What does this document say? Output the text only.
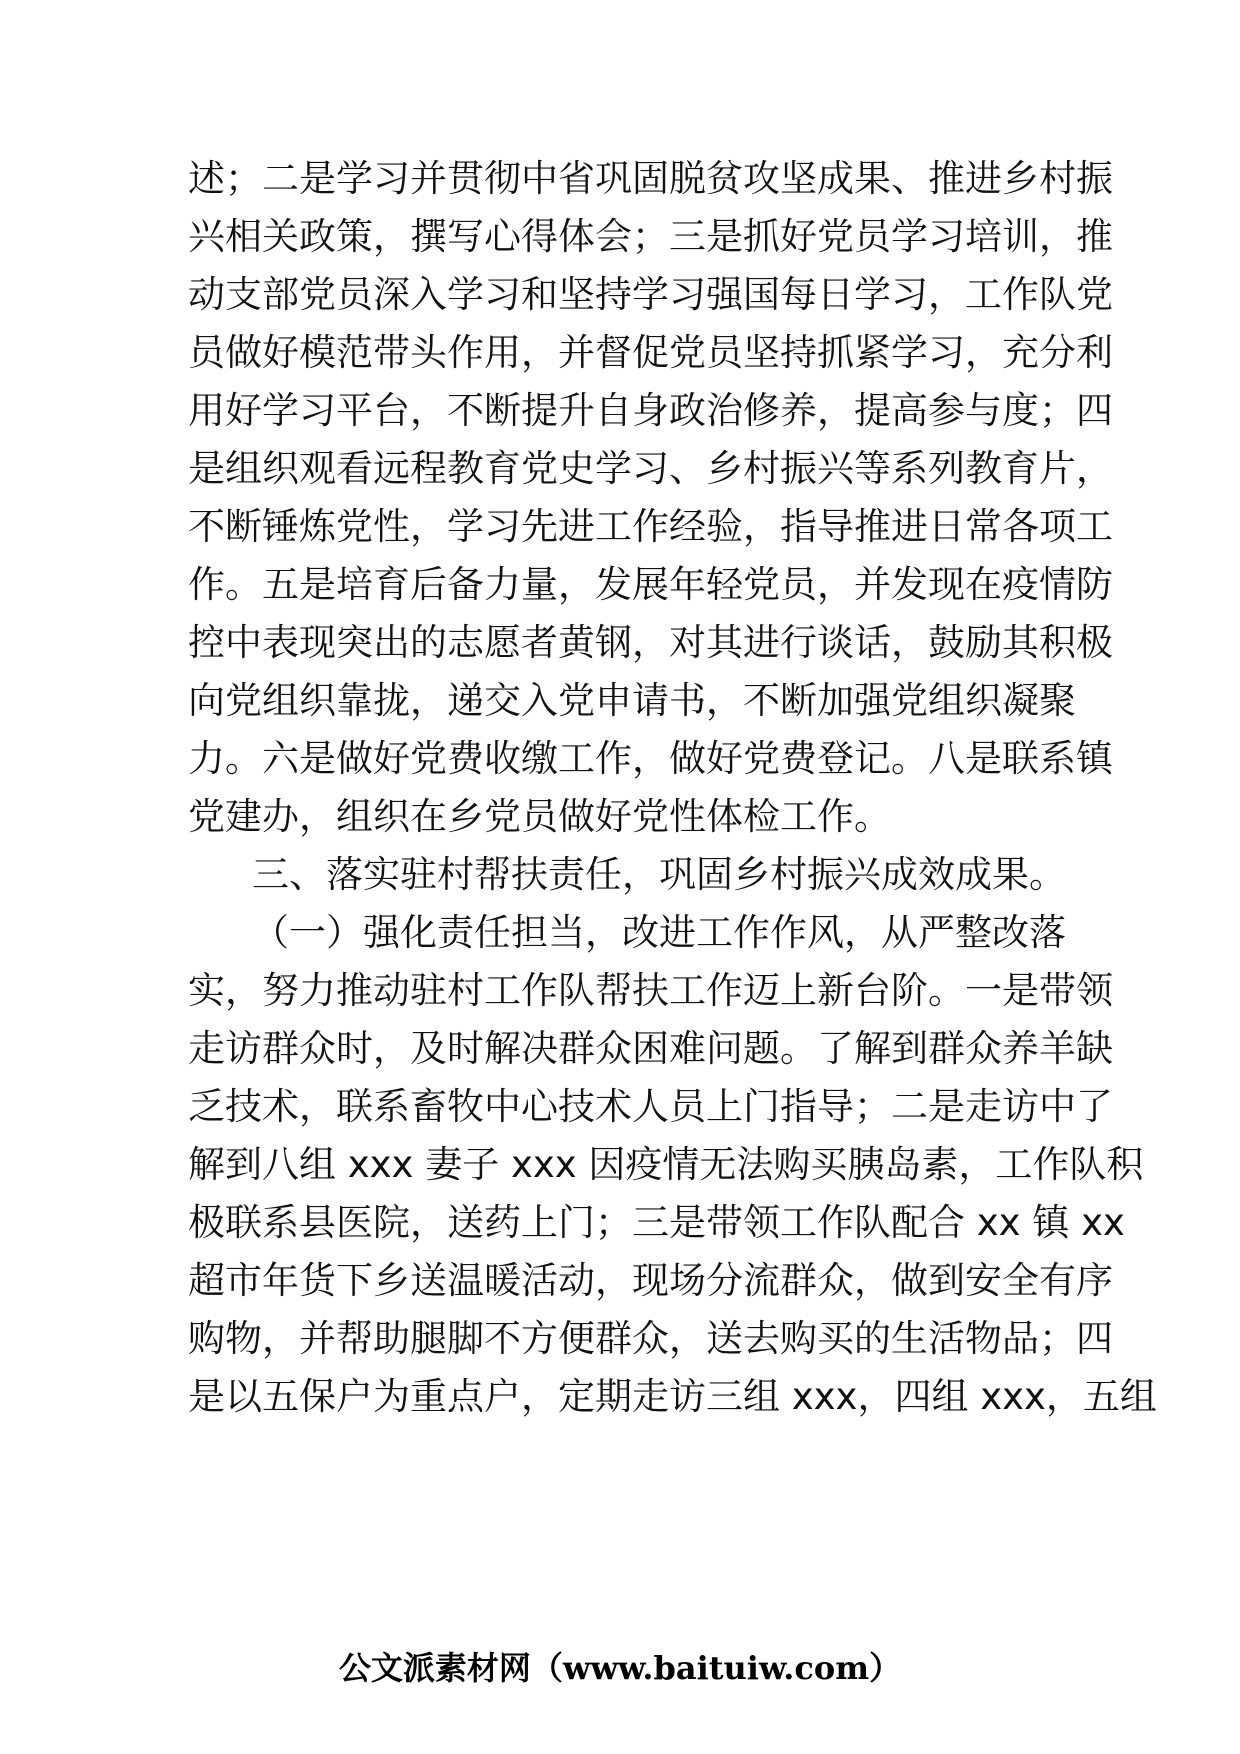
述；二是学习并贯彻中省巩固脱贫攻坚成果、推进乡村振
兴相关政策，撰写心得体会；三是抓好党员学习培训，推
动支部党员深入学习和坚持学习强国每日学习，工作队党
员做好模范带头作用，并督促党员坚持抓紧学习，充分利
用好学习平台，不断提升自身政治修养，提高参与度；四
是组织观看远程教育党史学习、乡村振兴等系列教育片，
不断锤炼党性，学习先进工作经验，指导推进日常各项工
作。五是培育后备力量，发展年轻党员，并发现在疫情防
控中表现突出的志愿者黄钢，对其进行谈话，鼓励其积极
向党组织靠拢，递交入党申请书，不断加强党组织凝聚
力。六是做好党费收缴工作，做好党费登记。八是联系镇
党建办，组织在乡党员做好党性体检工作。
三、落实驻村帮扶责任，巩固乡村振兴成效成果。
（一）强化责任担当，改进工作作风，从严整改落
实，努力推动驻村工作队帮扶工作迈上新台阶。一是带领
走访群众时，及时解决群众困难问题。了解到群众养羊缺
乏技术，联系畜牧中心技术人员上门指导；二是走访中了
解到八组 xxx 妻子 xxx 因疫情无法购买胰岛素，工作队积
极联系县医院，送药上门；三是带领工作队配合 xx 镇 xx
超市年货下乡送温暖活动，现场分流群众，做到安全有序
购物，并帮助腿脚不方便群众，送去购买的生活物品；四
是以五保户为重点户，定期走访三组 xxx，四组 xxx，五组
公文派素材网（www.baituiw.com）
